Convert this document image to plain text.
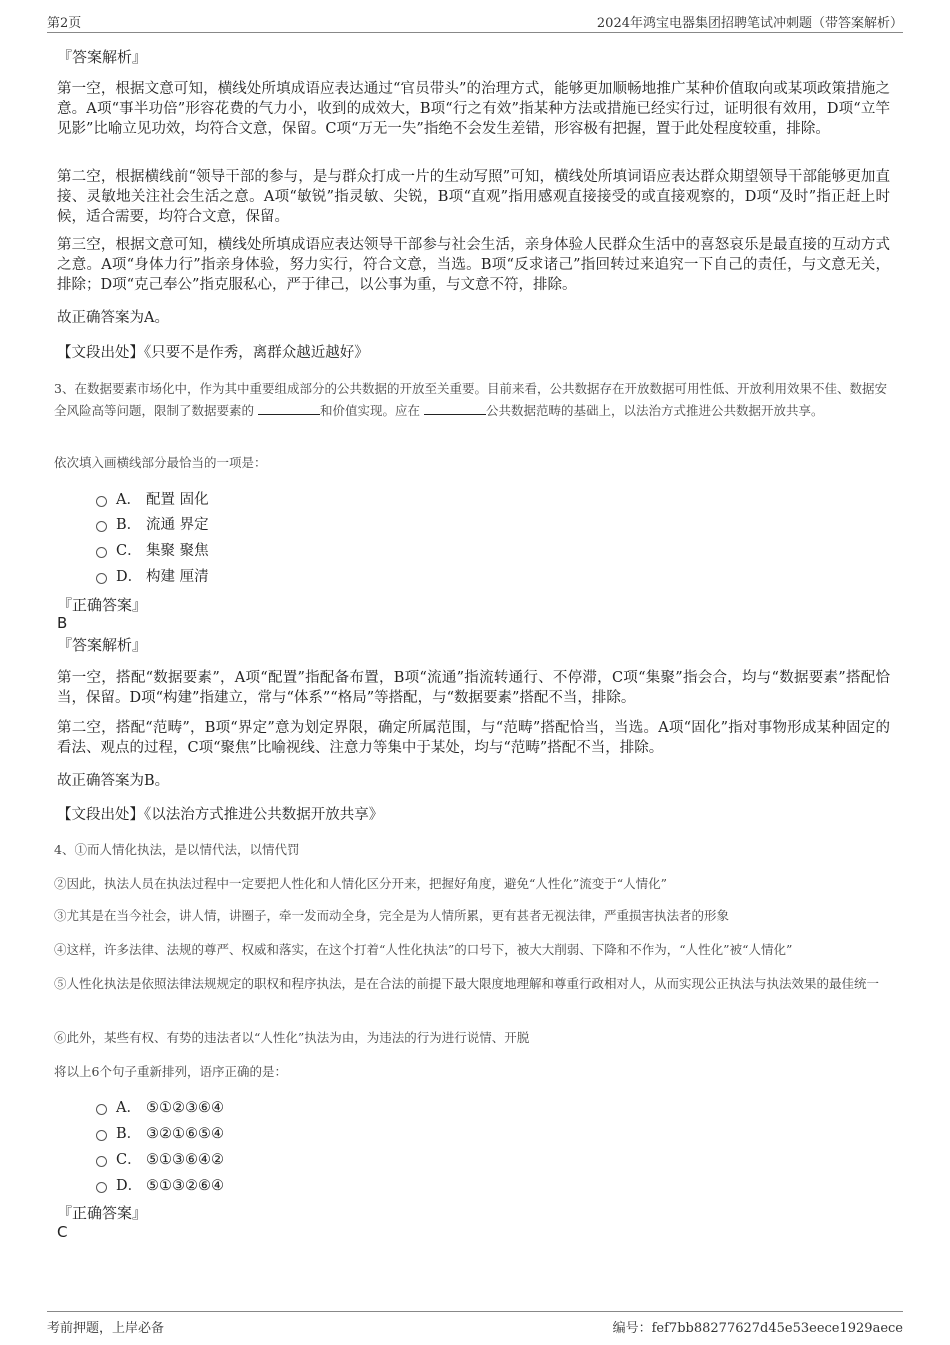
第2页	2024年鸿宝电器集团招聘笔试冲刺题（带答案解析）
『答案解析』

第一空，根据文意可知，横线处所填成语应表达通过“官员带头”的治理方式，能够更加顺畅地推广某种价值取向或某项政策措施之意。A项“事半功倍”形容花费的气力小，收到的成效大，B项“行之有效”指某种方法或措施已经实行过，证明很有效用，D项“立竿见影”比喻立见功效，均符合文意，保留。C项“万无一失”指绝不会发生差错，形容极有把握，置于此处程度较重，排除。

第二空，根据横线前“领导干部的参与，是与群众打成一片的生动写照”可知，横线处所填词语应表达群众期望领导干部能够更加直接、灵敏地关注社会生活之意。A项“敏锐”指灵敏、尖锐，B项“直观”指用感观直接接受的或直接观察的，D项“及时”指正赶上时候，适合需要，均符合文意，保留。

第三空，根据文意可知，横线处所填成语应表达领导干部参与社会生活，亲身体验人民群众生活中的喜怒哀乐是最直接的互动方式之意。A项“身体力行”指亲身体验，努力实行，符合文意，当选。B项“反求诸己”指回转过来追究一下自己的责任，与文意无关，排除；D项“克己奉公”指克服私心，严于律己，以公事为重，与文意不符，排除。

故正确答案为A。

【文段出处】《只要不是作秀，离群众越近越好》

3、在数据要素市场化中，作为其中重要组成部分的公共数据的开放至关重要。目前来看，公共数据存在开放数据可用性低、开放利用效果不佳、数据安全风险高等问题，限制了数据要素的	和价值实现。应在	公共数据范畴的基础上，以法治方式推进公共数据开放共享。

依次填入画横线部分最恰当的一项是：

A． 配置 固化
B． 流通 界定
C． 集聚 聚焦
D． 构建 厘清
『正确答案』
B
『答案解析』

第一空，搭配“数据要素”，A项“配置”指配备布置，B项“流通”指流转通行、不停滞，C项“集聚”指会合，均与“数据要素”搭配恰当，保留。D项“构建”指建立，常与“体系”“格局”等搭配，与“数据要素”搭配不当，排除。

第二空，搭配“范畴”，B项“界定”意为划定界限，确定所属范围，与“范畴”搭配恰当，当选。A项“固化”指对事物形成某种固定的看法、观点的过程，C项“聚焦”比喻视线、注意力等集中于某处，均与“范畴”搭配不当，排除。

故正确答案为B。

【文段出处】《以法治方式推进公共数据开放共享》

4、①而人情化执法，是以情代法，以情代罚

②因此，执法人员在执法过程中一定要把人性化和人情化区分开来，把握好角度，避免“人性化”流变于“人情化”

③尤其是在当今社会，讲人情，讲圈子，牵一发而动全身，完全是为人情所累，更有甚者无视法律，严重损害执法者的形象

④这样，许多法律、法规的尊严、权威和落实，在这个打着“人性化执法”的口号下，被大大削弱、下降和不作为，“人性化”被“人情化”

⑤人性化执法是依照法律法规规定的职权和程序执法，是在合法的前提下最大限度地理解和尊重行政相对人，从而实现公正执法与执法效果的最佳统一

⑥此外，某些有权、有势的违法者以“人性化”执法为由，为违法的行为进行说情、开脱

将以上6个句子重新排列，语序正确的是：

A． ⑤①②③⑥④
B． ③②①⑥⑤④
C． ⑤①③⑥④②
D． ⑤①③②⑥④
『正确答案』
C
考前押题，上岸必备	编号：fef7bb88277627d45e53eece1929aece
